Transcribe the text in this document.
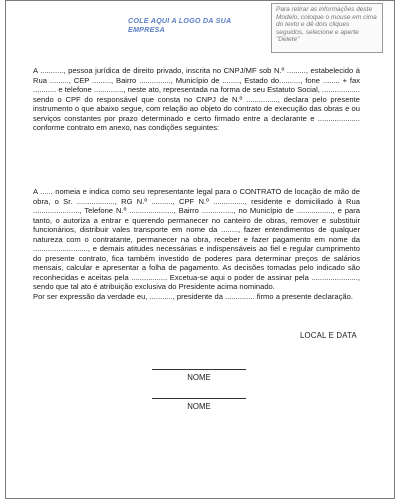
COLE AQUI A LOGO DA SUA EMPRESA
Para retirar as informações deste Modelo, coloque o mouse em cima do texto e dê dois cliques seguidos, selecione e aperte "Delete"

A ..........., pessoa jurídica de direito privado, inscrita no CNPJ/MF sob N.º ........., estabelecido à Rua ........., CEP ........., Bairro ..............., Município de ........, Estado do.........., fone ........ + fax ........... e telefone .............., neste ato, representada na forma de seu Estatuto Social, .................. sendo o CPF do responsável que consta no CNPJ de N.º ..............., declara pelo presente instrumento o que abaixo segue, com relação ao objeto do contrato de execução das obras e ou serviços constantes por prazo determinado e certo firmado entre a declarante e .................... conforme contrato em anexo, nas condições seguintes:

A ...... nomeia e indica como seu representante legal para o CONTRATO de locação de mão de obra, o Sr. .................., RG N.º .........., CPF N.º ..............., residente e domiciliado à Rua ......................, Telefone N.º ....................., Bairro ..............., no Município de ................., e para tanto, o autoriza a entrar e querendo permanecer no canteiro de obras, remover e substituir funcionários, distribuir vales transporte em nome da ........, fazer entendimentos de qualquer natureza com o contratante, permanecer na obra, receber e fazer pagamento em nome da .........................., e demais atitudes necessárias e indispensáveis ao fiel e regular cumprimento do presente contrato, fica também investido de poderes para determinar preços de salários mensais, calcular e apresentar a folha de pagamento. As decisões tomadas pelo indicado são reconhecidas e aceitas pela ................. Excetua-se aqui o poder de assinar pela ......................, sendo que tal ato é atribuição exclusiva do Presidente acima nominado.

Por ser expressão da verdade eu, ..........., presidente da .............. firmo a presente declaração.

LOCAL E DATA
NOME
NOME
